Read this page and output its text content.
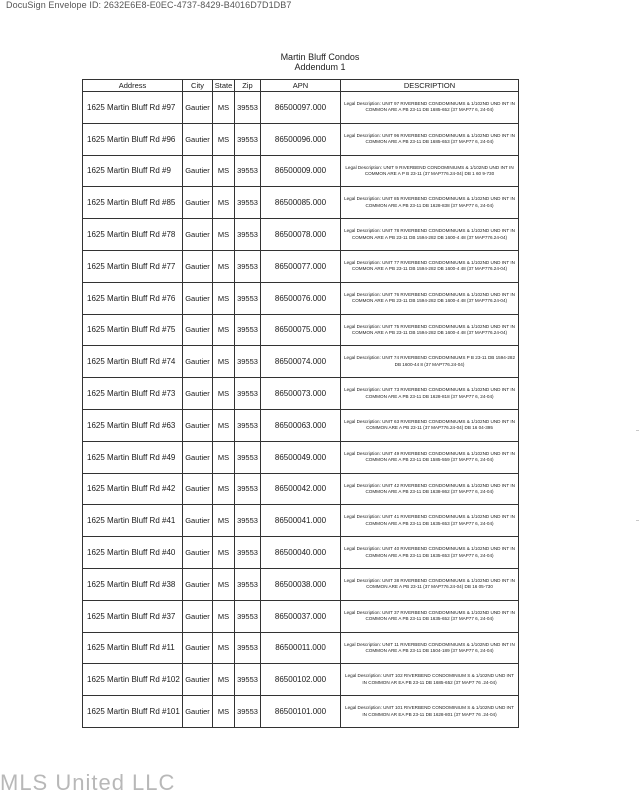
DocuSign Envelope ID: 2632E6E8-E0EC-4737-8429-B4016D7D1DB7
Martin Bluff Condos
Addendum 1
Address	City	State	Zip	APN	DESCRIPTION
1625 Martin Bluff Rd #97	Gautier	MS	39553	86500097.000	Legal Description: UNIT 97 RIVERBEND CONDOMINIUMS & 1/102ND UND INT IN COMMON ARE A PB 23-11 DB 1685-652 (37 MAP77 6, 24-04)
1625 Martin Bluff Rd #96	Gautier	MS	39553	86500096.000	Legal Description: UNIT 96 RIVERBEND CONDOMINIUMS & 1/102ND UND INT IN COMMON ARE A PB 23-11 DB 1685-653 (37 MAP77 6, 24-04)
1625 Martin Bluff Rd #9	Gautier	MS	39553	86500009.000	Legal Description: UNIT 9 RIVERBEND CONDOMINIUMS & 1/102ND UND INT IN COMMON ARE A P B 23-11 (37 MAP776.24-04) DB 1 60 9-730
1625 Martin Bluff Rd #85	Gautier	MS	39553	86500085.000	Legal Description: UNIT 85 RIVERBEND CONDOMINIUMS & 1/102ND UND INT IN COMMON ARE A PB 23-11 DB 1628-838 (37 MAP77 6, 24-04)
1625 Martin Bluff Rd #78	Gautier	MS	39553	86500078.000	Legal Description: UNIT 78 RIVERBEND CONDOMINIUMS & 1/102ND UND INT IN COMMON ARE A PB 23-11 DB 1594-282 DB 1600-4 48 (37 MAP776.24-04)
1625 Martin Bluff Rd #77	Gautier	MS	39553	86500077.000	Legal Description: UNIT 77 RIVERBEND CONDOMINIUMS & 1/102ND UND INT IN COMMON ARE A PB 23-11 DB 1594-282 DB 1600-4 48 (37 MAP776.24-04)
1625 Martin Bluff Rd #76	Gautier	MS	39553	86500076.000	Legal Description: UNIT 76 RIVERBEND CONDOMINIUMS & 1/102ND UND INT IN COMMON ARE A PB 23-11 DB 1594-282 DB 1600-4 48 (37 MAP776.24-04)
1625 Martin Bluff Rd #75	Gautier	MS	39553	86500075.000	Legal Description: UNIT 75 RIVERBEND CONDOMINIUMS & 1/102ND UND INT IN COMMON ARE A PB 23-11 DB 1594-282 DB 1600-4 48 (37 MAP776.24-04)
1625 Martin Bluff Rd #74	Gautier	MS	39553	86500074.000	Legal Description: UNIT 74 RIVERBEND CONDOMINIUMS P B 23-11 DB 1594-282 DB 1600-44 8 (37 MAP776.24-04)
1625 Martin Bluff Rd #73	Gautier	MS	39553	86500073.000	Legal Description: UNIT 73 RIVERBEND CONDOMINIUMS & 1/102ND UND INT IN COMMON ARE A PB 23-11 DB 1628-818 (37 MAP77 6, 24-04)
1625 Martin Bluff Rd #63	Gautier	MS	39553	86500063.000	Legal Description: UNIT 63 RIVERBEND CONDOMINIUMS & 1/102ND UND INT IN COMMON ARE A PB 23-11 (37 MAP776.24-04) DB 16 04-395
1625 Martin Bluff Rd #49	Gautier	MS	39553	86500049.000	Legal Description: UNIT 49 RIVERBEND CONDOMINIUMS & 1/102ND UND INT IN COMMON ARE A PB 23-11 DB 1585-559 (37 MAP77 6, 24-04)
1625 Martin Bluff Rd #42	Gautier	MS	39553	86500042.000	Legal Description: UNIT 42 RIVERBEND CONDOMINIUMS & 1/102ND UND INT IN COMMON ARE A PB 23-11 DB 1638-862 (37 MAP77 6, 24-04)
1625 Martin Bluff Rd #41	Gautier	MS	39553	86500041.000	Legal Description: UNIT 41 RIVERBEND CONDOMINIUMS & 1/102ND UND INT IN COMMON ARE A PB 23-11 DB 1635-653 (37 MAP77 6, 24-04)
1625 Martin Bluff Rd #40	Gautier	MS	39553	86500040.000	Legal Description: UNIT 40 RIVERBEND CONDOMINIUMS & 1/102ND UND INT IN COMMON ARE A PB 23-11 DB 1635-653 (37 MAP77 6, 24-04)
1625 Martin Bluff Rd #38	Gautier	MS	39553	86500038.000	Legal Description: UNIT 38 RIVERBEND CONDOMINIUMS & 1/102ND UND INT IN COMMON ARE A PB 23-11 (37 MAP776.24-04) DB 16 05-730
1625 Martin Bluff Rd #37	Gautier	MS	39553	86500037.000	Legal Description: UNIT 37 RIVERBEND CONDOMINIUMS & 1/102ND UND INT IN COMMON ARE A PB 23-11 DB 1635-652 (37 MAP77 6, 24-04)
1625 Martin Bluff Rd #11	Gautier	MS	39553	86500011.000	Legal Description: UNIT 11 RIVERBEND CONDOMINIUMS & 1/102ND UND INT IN COMMON ARE A PB 23-11 DB 1504-189 (37 MAP77 6, 24-04)
1625 Martin Bluff Rd #102	Gautier	MS	39553	86500102.000	Legal Description: UNIT 102 RIVERBEND CONDOMINIUM S & 1/102ND UND INT IN COMMON AR EA PB 23-11 DB 1685-652 (37 MAP7 76 .24-04)
1625 Martin Bluff Rd #101	Gautier	MS	39553	86500101.000	Legal Description: UNIT 101 RIVERBEND CONDOMINIUM S & 1/102ND UND INT IN COMMON AR EA PB 23-11 DB 1628-801 (37 MAP7 76 .24-04)
MLS United LLC
